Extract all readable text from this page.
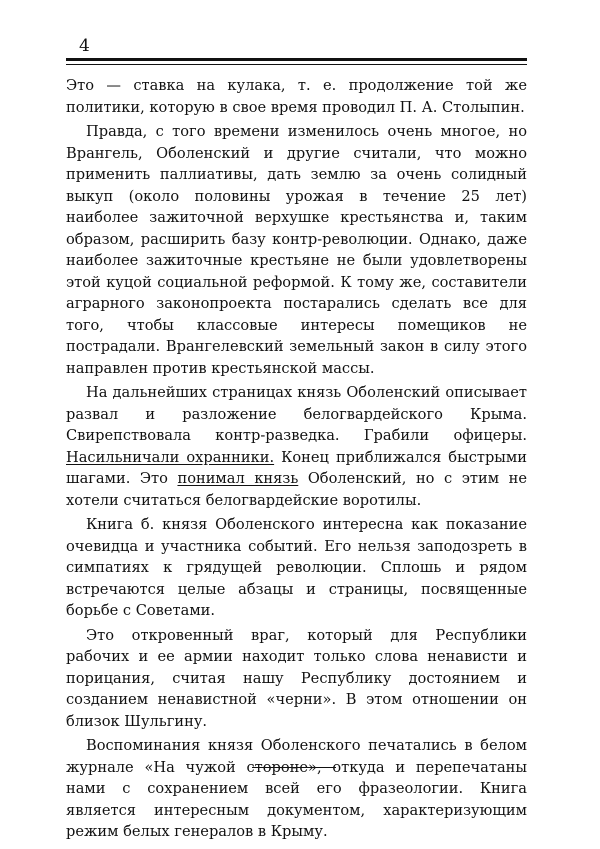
4

Это — ставка на кулака, т. е. продолжение той же политики, которую в свое время проводил П. А. Столыпин.

Правда, с того времени изменилось очень многое, но Врангель, Оболенский и другие считали, что можно применить паллиативы, дать землю за очень солидный выкуп (около половины урожая в течение 25 лет) наиболее зажиточной верхушке крестьянства и, таким образом, расширить базу контр-революции. Однако, даже наиболее зажиточные крестьяне не были удовлетворены этой куцой социальной реформой. К тому же, составители аграрного законопроекта постарались сделать все для того, чтобы классовые интересы помещиков не пострадали. Врангелевский земельный закон в силу этого направлен против крестьянской массы.

На дальнейших страницах князь Оболенский описывает развал и разложение белогвардейского Крыма. Свирепствовала контр-разведка. Грабили офицеры. Насильничали охранники. Конец приближался быстрыми шагами. Это понимал князь Оболенский, но с этим не хотели считаться белогвардейские воротилы.

Книга б. князя Оболенского интересна как показание очевидца и участника событий. Его нельзя заподозреть в симпатиях к грядущей революции. Сплошь и рядом встречаются целые абзацы и страницы, посвященные борьбе с Советами.

Это откровенный враг, который для Республики рабочих и ее армии находит только слова ненависти и порицания, считая нашу Республику достоянием и созданием ненавистной «черни». В этом отношении он близок Шульгину.

Воспоминания князя Оболенского печатались в белом журнале «На чужой стороне», откуда и перепечатаны нами с сохранением всей его фразеологии. Книга является интересным документом, характеризующим режим белых генералов в Крыму.
